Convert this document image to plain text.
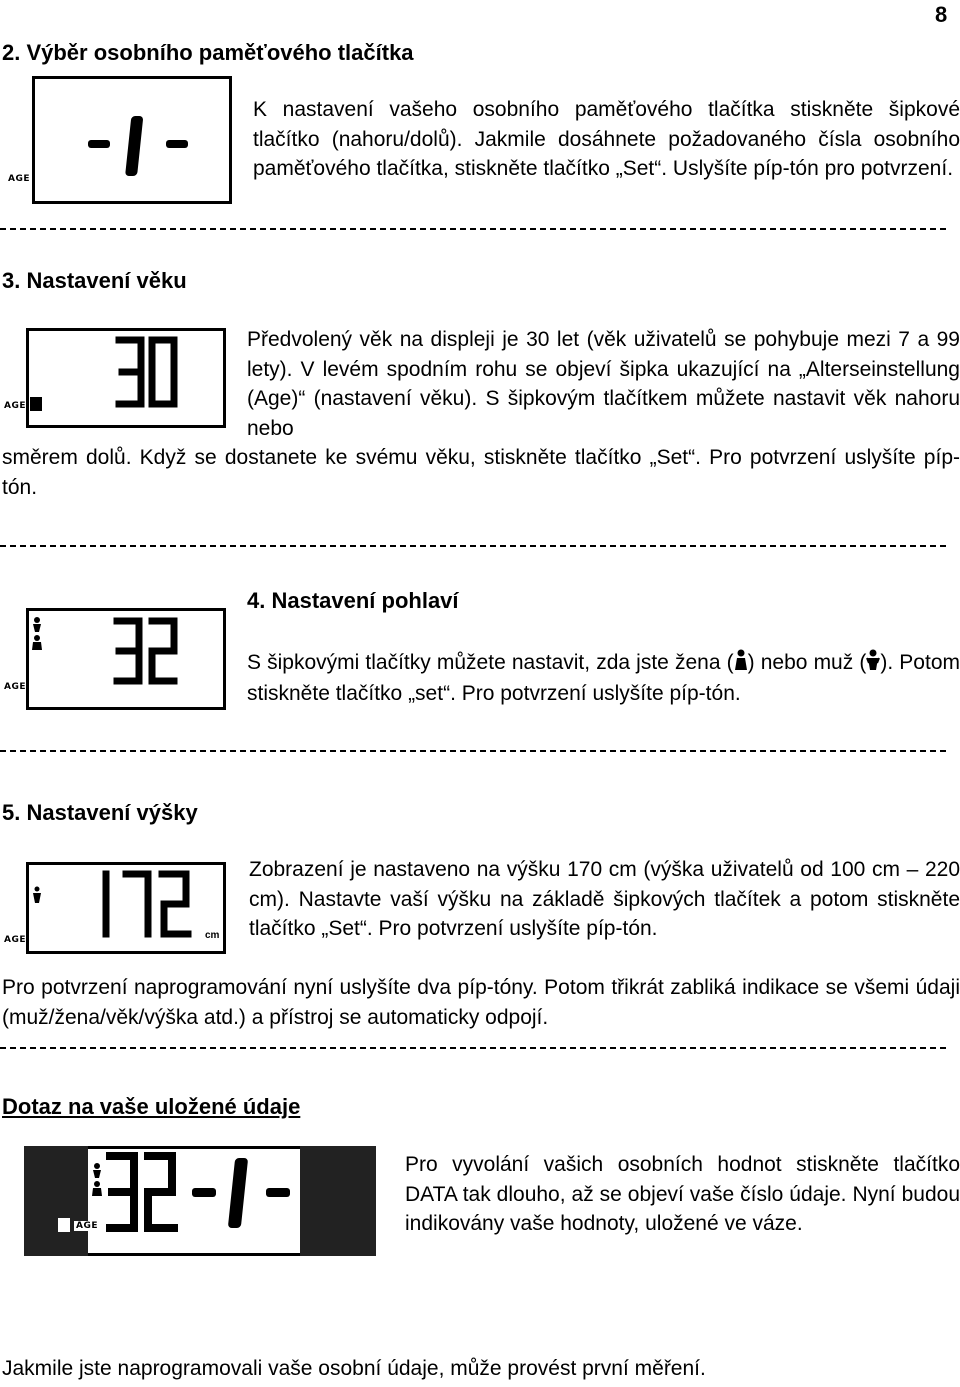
8
2. Výběr osobního paměťového tlačítka
AGE

K nastavení vašeho osobního paměťového tlačítka stiskněte šipkové tlačítko (nahoru/dolů). Jakmile dosáhnete požadovaného čísla osobního paměťového tlačítka, stiskněte tlačítko „Set“. Uslyšíte píp-tón pro potvrzení.

3. Nastavení věku
AGE

Předvolený věk na displeji je 30 let (věk uživatelů se pohybuje mezi 7 a 99 lety). V levém spodním rohu se objeví šipka ukazující na „Alterseinstellung (Age)“ (nastavení věku). S šipkovým tlačítkem můžete nastavit věk nahoru nebo

směrem dolů. Když se dostanete ke svému věku, stiskněte tlačítko „Set“. Pro potvrzení uslyšíte píp-tón.

4. Nastavení pohlaví
AGE
S šipkovými tlačítky můžete nastavit, zda jste žena ( ) nebo muž ( ). Potom stiskněte tlačítko „set“. Pro potvrzení uslyšíte píp-tón.
5. Nastavení výšky
AGE	cm

Zobrazení je nastaveno na výšku 170 cm (výška uživatelů od 100 cm – 220 cm). Nastavte vaší výšku na základě šipkových tlačítek a potom stiskněte tlačítko „Set“. Pro potvrzení uslyšíte píp-tón.

Pro potvrzení naprogramování nyní uslyšíte dva píp-tóny. Potom třikrát zabliká indikace se všemi údaji (muž/žena/věk/výška atd.) a přístroj se automaticky odpojí.

Dotaz na vaše uložené údaje
AGE

Pro vyvolání vašich osobních hodnot stiskněte tlačítko DATA tak dlouho, až se objeví vaše číslo údaje. Nyní budou indikovány vaše hodnoty, uložené ve váze.

Jakmile jste naprogramovali vaše osobní údaje, může provést první měření.
